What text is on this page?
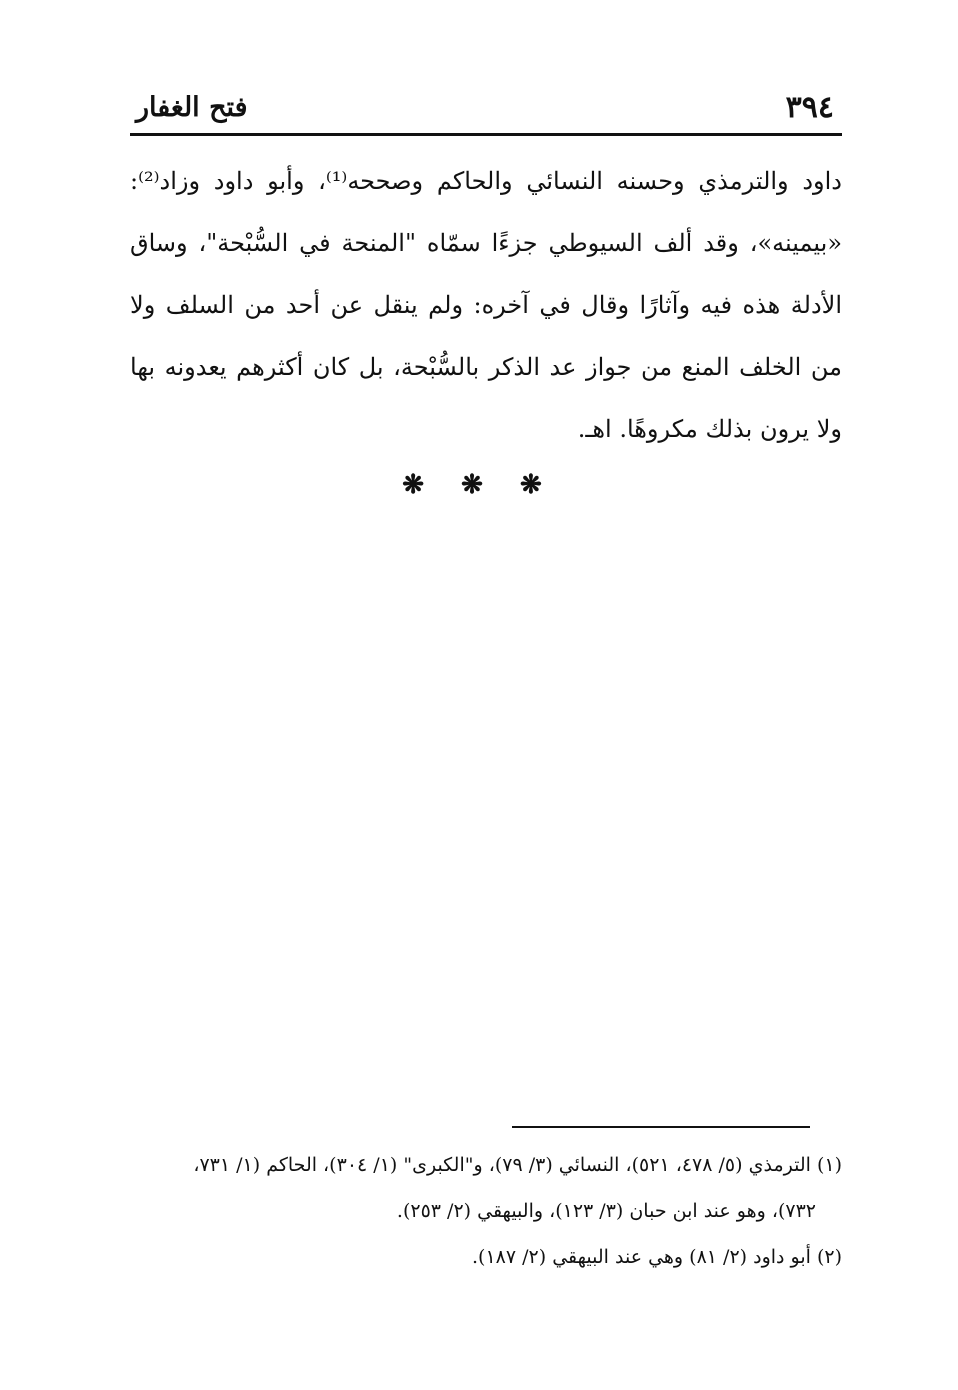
٣٩٤
فتح الغفار

داود والترمذي وحسنه النسائي والحاكم وصححه⁽¹⁾، وأبو داود وزاد⁽²⁾: «بيمينه»، وقد ألف السيوطي جزءًا سمّاه "المنحة في السُّبْحة"، وساق الأدلة هذه فيه وآثارًا وقال في آخره: ولم ينقل عن أحد من السلف ولا من الخلف المنع من جواز عد الذكر بالسُّبْحة، بل كان أكثرهم يعدونه بها ولا يرون بذلك مكروهًا. اهـ.

❋ ❋ ❋

(١) الترمذي (٥/ ٤٧٨، ٥٢١)، النسائي (٣/ ٧٩)، و"الكبرى" (١/ ٣٠٤)، الحاكم (١/ ٧٣١،
٧٣٢)، وهو عند ابن حبان (٣/ ١٢٣)، والبيهقي (٢/ ٢٥٣).

(٢) أبو داود (٢/ ٨١) وهي عند البيهقي (٢/ ١٨٧).
